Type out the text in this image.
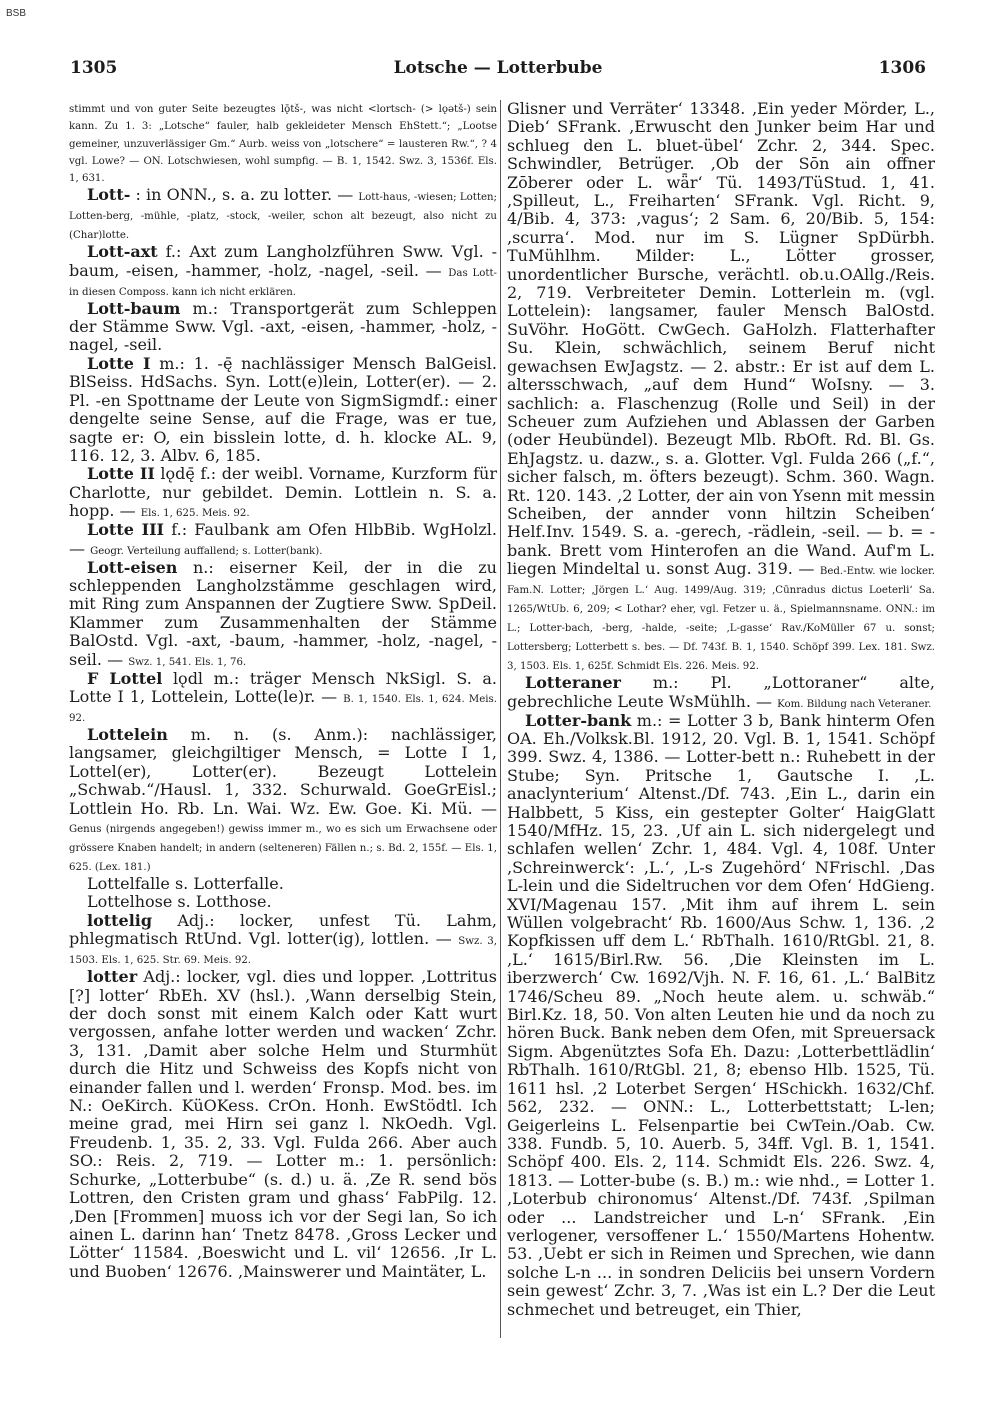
BSB
1305	Lotsche — Lotterbube	1306

stimmt und von guter Seite bezeugtes lǭtš-, was nicht <lortsch- (> lǫətš-) sein kann. Zu 1. 3: „Lotsche“ fauler, halb gekleideter Mensch EhStett.“; „Lootse gemeiner, unzuverlässiger Gm.“ Aurb. weiss von „lotschere“ = lausteren Rw.“, ? 4 vgl. Lowe? — ON. Lotschwiesen, wohl sumpfig. — B. 1, 1542. Swz. 3, 1536f. Els. 1, 631.

Lott- : in ONN., s. a. zu lotter. — Lott-haus, -wiesen; Lotten; Lotten-berg, -mühle, -platz, -stock, -weiler, schon alt bezeugt, also nicht zu (Char)lotte.

Lott-axt f.: Axt zum Langholzführen Sww. Vgl. -baum, -eisen, -hammer, -holz, -nagel, -seil. — Das Lott- in diesen Composs. kann ich nicht erklären.

Lott-baum m.: Transportgerät zum Schleppen der Stämme Sww. Vgl. -axt, -eisen, -hammer, -holz, -nagel, -seil.

Lotte I m.: 1. -ę̄ nachlässiger Mensch BalGeisl. BlSeiss. HdSachs. Syn. Lott(e)lein, Lotter(er). — 2. Pl. -en Spottname der Leute von SigmSigmdf.: einer dengelte seine Sense, auf die Frage, was er tue, sagte er: O, ein bisslein lotte, d. h. klocke AL. 9, 116. 12, 3. Albv. 6, 185.

Lotte II lǫdę̄ f.: der weibl. Vorname, Kurzform für Charlotte, nur gebildet. Demin. Lottlein n. S. a. hopp. — Els. 1, 625. Meis. 92.

Lotte III f.: Faulbank am Ofen HlbBib. WgHolzl. — Geogr. Verteilung auffallend; s. Lotter(bank).

Lott-eisen n.: eiserner Keil, der in die zu schleppenden Langholzstämme geschlagen wird, mit Ring zum Anspannen der Zugtiere Sww. SpDeil. Klammer zum Zusammenhalten der Stämme BalOstd. Vgl. -axt, -baum, -hammer, -holz, -nagel, -seil. — Swz. 1, 541. Els. 1, 76.

F Lottel lǫdl m.: träger Mensch NkSigl. S. a. Lotte I 1, Lottelein, Lotte(le)r. — B. 1, 1540. Els. 1, 624. Meis. 92.

Lottelein m. n. (s. Anm.): nachlässiger, langsamer, gleichgiltiger Mensch, = Lotte I 1, Lottel(er), Lotter(er). Bezeugt Lottelein „Schwab.“/Hausl. 1, 332. Schurwald. GoeGrEisl.; Lottlein Ho. Rb. Ln. Wai. Wz. Ew. Goe. Ki. Mü. — Genus (nirgends angegeben!) gewiss immer m., wo es sich um Erwachsene oder grössere Knaben handelt; in andern (selteneren) Fällen n.; s. Bd. 2, 155f. — Els. 1, 625. (Lex. 181.)

Lottelfalle s. Lotterfalle.

Lottelhose s. Lotthose.

lottelig Adj.: locker, unfest Tü. Lahm, phlegmatisch RtUnd. Vgl. lotter(ig), lottlen. — Swz. 3, 1503. Els. 1, 625. Str. 69. Meis. 92.

lotter Adj.: locker, vgl. dies und lopper. ‚Lottritus [?] lotter‘ RbEh. XV (hsl.). ‚Wann derselbig Stein, der doch sonst mit einem Kalch oder Katt wurt vergossen, anfahe lotter werden und wacken‘ Zchr. 3, 131. ‚Damit aber solche Helm und Sturmhüt durch die Hitz und Schweiss des Kopfs nicht von einander fallen und l. werden‘ Fronsp. Mod. bes. im N.: OeKirch. KüOKess. CrOn. Honh. EwStödtl. Ich meine grad, mei Hirn sei ganz l. NkOedh. Vgl. Freudenb. 1, 35. 2, 33. Vgl. Fulda 266. Aber auch SO.: Reis. 2, 719. — Lotter m.: 1. persönlich: Schurke, „Lotterbube“ (s. d.) u. ä. ‚Ze R. send bös Lottren, den Cristen gram und ghass‘ FabPilg. 12. ‚Den [Frommen] muoss ich vor der Segi lan, So ich ainen L. darinn han‘ Tnetz 8478. ‚Gross Lecker und Lötter‘ 11584. ‚Boeswicht und L. vil‘ 12656. ‚Ir L. und Buoben‘ 12676. ‚Mainswerer und Maintäter, L.

Glisner und Verräter‘ 13348. ‚Ein yeder Mörder, L., Dieb‘ SFrank. ‚Erwuscht den Junker beim Har und schlueg den L. bluet-übel‘ Zchr. 2, 344. Spec. Schwindler, Betrüger. ‚Ob der Sōn ain offner Zōberer oder L. wǟr‘ Tü. 1493/TüStud. 1, 41. ‚Spilleut, L., Freiharten‘ SFrank. Vgl. Richt. 9, 4/Bib. 4, 373: ‚vagus‘; 2 Sam. 6, 20/Bib. 5, 154: ‚scurra‘. Mod. nur im S. Lügner SpDürbh. TuMühlhm. Milder: L., Lötter grosser, unordentlicher Bursche, verächtl. ob.u.OAllg./Reis. 2, 719. Verbreiteter Demin. Lotterlein m. (vgl. Lottelein): langsamer, fauler Mensch BalOstd. SuVöhr. HoGött. CwGech. GaHolzh. Flatterhafter Su. Klein, schwächlich, seinem Beruf nicht gewachsen EwJagstz. — 2. abstr.: Er ist auf dem L. altersschwach, „auf dem Hund“ WoIsny. — 3. sachlich: a. Flaschenzug (Rolle und Seil) in der Scheuer zum Aufziehen und Ablassen der Garben (oder Heubündel). Bezeugt Mlb. RbOft. Rd. Bl. Gs. EhJagstz. u. dazw., s. a. Glotter. Vgl. Fulda 266 („f.“, sicher falsch, m. öfters bezeugt). Schm. 360. Wagn. Rt. 120. 143. ‚2 Lotter, der ain von Ysenn mit messin Scheiben, der annder vonn hiltzin Scheiben‘ Helf.Inv. 1549. S. a. -gerech, -rädlein, -seil. — b. = -bank. Brett vom Hinterofen an die Wand. Auf'm L. liegen Mindeltal u. sonst Aug. 319. — Bed.-Entw. wie locker. Fam.N. Lotter; ‚Jörgen L.‘ Aug. 1499/Aug. 319; ‚Cūnradus dictus Loeterli‘ Sa. 1265/WtUb. 6, 209; < Lothar? eher, vgl. Fetzer u. ä., Spielmannsname. ONN.: im L.; Lotter-bach, -berg, -halde, -seite; ‚L-gasse‘ Rav./KoMüller 67 u. sonst; Lottersberg; Lotterbett s. bes. — Df. 743f. B. 1, 1540. Schöpf 399. Lex. 181. Swz. 3, 1503. Els. 1, 625f. Schmidt Els. 226. Meis. 92.

Lotteraner m.: Pl. „Lottoraner“ alte, gebrechliche Leute WsMühlh. — Kom. Bildung nach Veteraner.

Lotter-bank m.: = Lotter 3 b, Bank hinterm Ofen OA. Eh./Volksk.Bl. 1912, 20. Vgl. B. 1, 1541. Schöpf 399. Swz. 4, 1386. — Lotter-bett n.: Ruhebett in der Stube; Syn. Pritsche 1, Gautsche I. ‚L. anaclynterium‘ Altenst./Df. 743. ‚Ein L., darin ein Halbbett, 5 Kiss, ein gestepter Golter‘ HaigGlatt 1540/MfHz. 15, 23. ‚Uf ain L. sich nidergelegt und schlafen wellen‘ Zchr. 1, 484. Vgl. 4, 108f. Unter ‚Schreinwerck‘: ‚L.‘, ‚L-s Zugehörd‘ NFrischl. ‚Das L-lein und die Sideltruchen vor dem Ofen‘ HdGieng. XVI/Magenau 157. ‚Mit ihm auf ihrem L. sein Wüllen volgebracht‘ Rb. 1600/Aus Schw. 1, 136. ‚2 Kopfkissen uff dem L.‘ RbThalh. 1610/RtGbl. 21, 8. ‚L.‘ 1615/Birl.Rw. 56. ‚Die Kleinsten im L. iberzwerch‘ Cw. 1692/Vjh. N. F. 16, 61. ‚L.‘ BalBitz 1746/Scheu 89. „Noch heute alem. u. schwäb.“ Birl.Kz. 18, 50. Von alten Leuten hie und da noch zu hören Buck. Bank neben dem Ofen, mit Spreuersack Sigm. Abgenütztes Sofa Eh. Dazu: ‚Lotterbettlädlin‘ RbThalh. 1610/RtGbl. 21, 8; ebenso Hlb. 1525, Tü. 1611 hsl. ‚2 Loterbet Sergen‘ HSchickh. 1632/Chf. 562, 232. — ONN.: L., Lotterbettstatt; L-len; Geigerleins L. Felsenpartie bei CwTein./Oab. Cw. 338. Fundb. 5, 10. Auerb. 5, 34ff. Vgl. B. 1, 1541. Schöpf 400. Els. 2, 114. Schmidt Els. 226. Swz. 4, 1813. — Lotter-bube (s. B.) m.: wie nhd., = Lotter 1. ‚Loterbub chironomus‘ Altenst./Df. 743f. ‚Spilman oder ... Landstreicher und L-n‘ SFrank. ‚Ein verlogener, versoffener L.‘ 1550/Martens Hohentw. 53. ‚Uebt er sich in Reimen und Sprechen, wie dann solche L-n ... in sondren Deliciis bei unsern Vordern sein gewest‘ Zchr. 3, 7. ‚Was ist ein L.? Der die Leut schmechet und betreuget, ein Thier,
